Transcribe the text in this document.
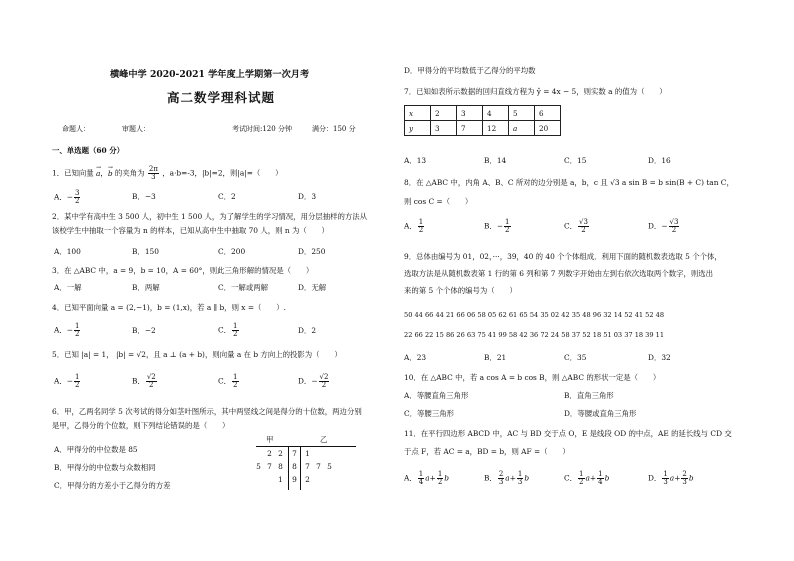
横峰中学 2020-2021 学年度上学期第一次月考
高二数学理科试题
命题人：	审题人：	考试时间:120 分钟	满分：150 分
一、单选题（60 分）
1．已知向量 → a，→ b 的夹角为 $\frac{2\pi}{3}$ ，a·b=-3，|b|=2，则|a|=（　　）
A．− $\frac{3}{2}$	B．−3	C．2	D．3
2．某中学有高中生 3 500 人，初中生 1 500 人，为了解学生的学习情况，用分层抽样的方法从
该校学生中抽取一个容量为 n 的样本，已知从高中生中抽取 70 人，则 n 为（　　）
A．100	B．150	C．200	D．250
3．在 △ABC 中，a = 9，b = 10，A = 60°，则此三角形解的情况是（　　）
A．一解	B．两解	C．一解或两解	D．无解
4．已知平面向量 a = (2,−1)，b = (1,x)，若 a ∥ b，则 x =（　　）.
A．− $\frac{1}{2}$	B．−2	C． $\frac{1}{2}$	D．2
5．已知 |a| = 1， |b| = √2，且 a ⊥ (a + b)，则向量 a 在 b 方向上的投影为（　　）
A．− $\frac{1}{2}$	B． $\frac{√2}{2}$	C． $\frac{1}{2}$	D．− $\frac{√2}{2}$
6．甲，乙两名同学 5 次考试的得分如茎叶图所示，其中两竖线之间是得分的十位数，两边分别
是甲，乙得分的个位数，则下列结论错误的是（　　）
A．甲得分的中位数是 85
B．甲得分的中位数与众数相同
C．甲得分的方差小于乙得分的方差
甲	乙
2 2	7	1
5 7 8	8	7 7 5
1	9	2
D．甲得分的平均数低于乙得分的平均数
7．已知如表所示数据的回归直线方程为 ŷ = 4x − 5，则实数 a 的值为（　　）
x	2	3	4	5	6
y	3	7	12	a	20
A．13	B．14	C．15	D．16
8．在 △ABC 中，内角 A、B、C 所对的边分别是 a，b，c 且 √3 a sin B = b sin(B + C) tan C，
则 cos C =（　　）
A． $\frac{1}{2}$	B．− $\frac{1}{2}$	C． $\frac{√3}{2}$	D．− $\frac{√3}{2}$
9．总体由编号为 01，02，···，39，40 的 40 个个体组成．利用下面的随机数表选取 5 个个体，
选取方法是从随机数表第 1 行的第 6 列和第 7 列数字开始由左到右依次选取两个数字，则选出
来的第 5 个个体的编号为（　　）
50 44 66 44 21 66 06 58 05 62 61 65 54 35 02 42 35 48 96 32 14 52 41 52 48
22 66 22 15 86 26 63 75 41 99 58 42 36 72 24 58 37 52 18 51 03 37 18 39 11
A．23	B．21	C．35	D．32
10．在 △ABC 中，若 a cos A = b cos B，则 △ABC 的形状一定是（　　）
A．等腰直角三角形	B．直角三角形
C．等腰三角形	D．等腰或直角三角形
11．在平行四边形 ABCD 中，AC 与 BD 交于点 O，E 是线段 OD 的中点，AE 的延长线与 CD 交
于点 F，若 AC = a，BD = b，则 AF =（　　）
A． $\frac{1}{4} a+ \frac{1}{2}$ b	B． $\frac{2}{3} a+ \frac{1}{3}$ b	C． $\frac{1}{2} a+ \frac{1}{4}$ b	D． $\frac{1}{3} a+ \frac{2}{3}$ b
